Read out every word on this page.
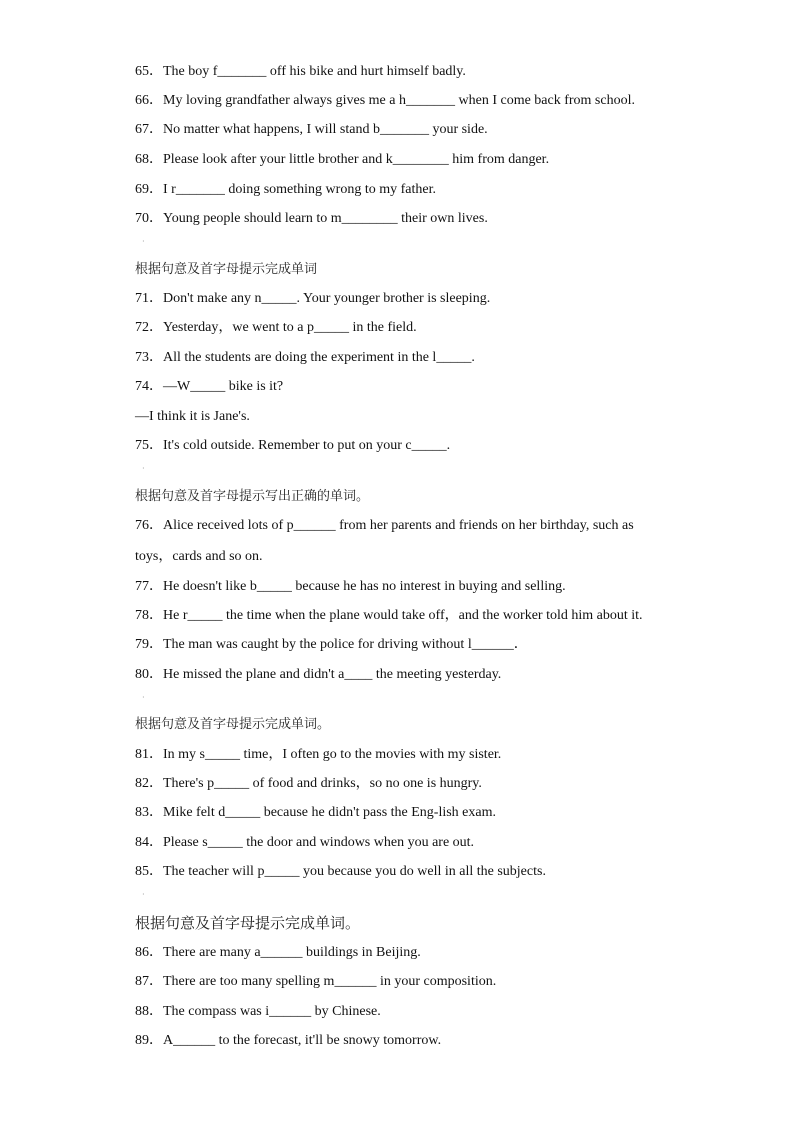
65．The boy f_______ off his bike and hurt himself badly.
66．My loving grandfather always gives me a h_______ when I come back from school.
67．No matter what happens, I will stand b_______ your side.
68．Please look after your little brother and k________ him from danger.
69．I r_______ doing something wrong to my father.
70．Young people should learn to m________ their own lives.
·
根据句意及首字母提示完成单词
71．Don't make any n_____. Your younger brother is sleeping.
72．Yesterday，we went to a p_____ in the field.
73．All the students are doing the experiment in the l_____.
74．—W_____ bike is it?
—I think it is Jane's.
75．It's cold outside. Remember to put on your c_____.
·
根据句意及首字母提示写出正确的单词。
76．Alice received lots of p______ from her parents and friends on her birthday, such as
toys，cards and so on.
77．He doesn't like b_____ because he has no interest in buying and selling.
78．He r_____ the time when the plane would take off，and the worker told him about it.
79．The man was caught by the police for driving without l______．
80．He missed the plane and didn't a____ the meeting yesterday.
·
根据句意及首字母提示完成单词。
81．In my s_____ time，I often go to the movies with my sister.
82．There's p_____ of food and drinks，so no one is hungry.
83．Mike felt d_____ because he didn't pass the Eng-lish exam.
84．Please s_____ the door and windows when you are out.
85．The teacher will p_____ you because you do well in all the subjects.
·
根据句意及首字母提示完成单词。
86．There are many a______ buildings in Beijing.
87．There are too many spelling m______ in your composition.
88．The compass was i______ by Chinese.
89．A______ to the forecast, it'll be snowy tomorrow.
